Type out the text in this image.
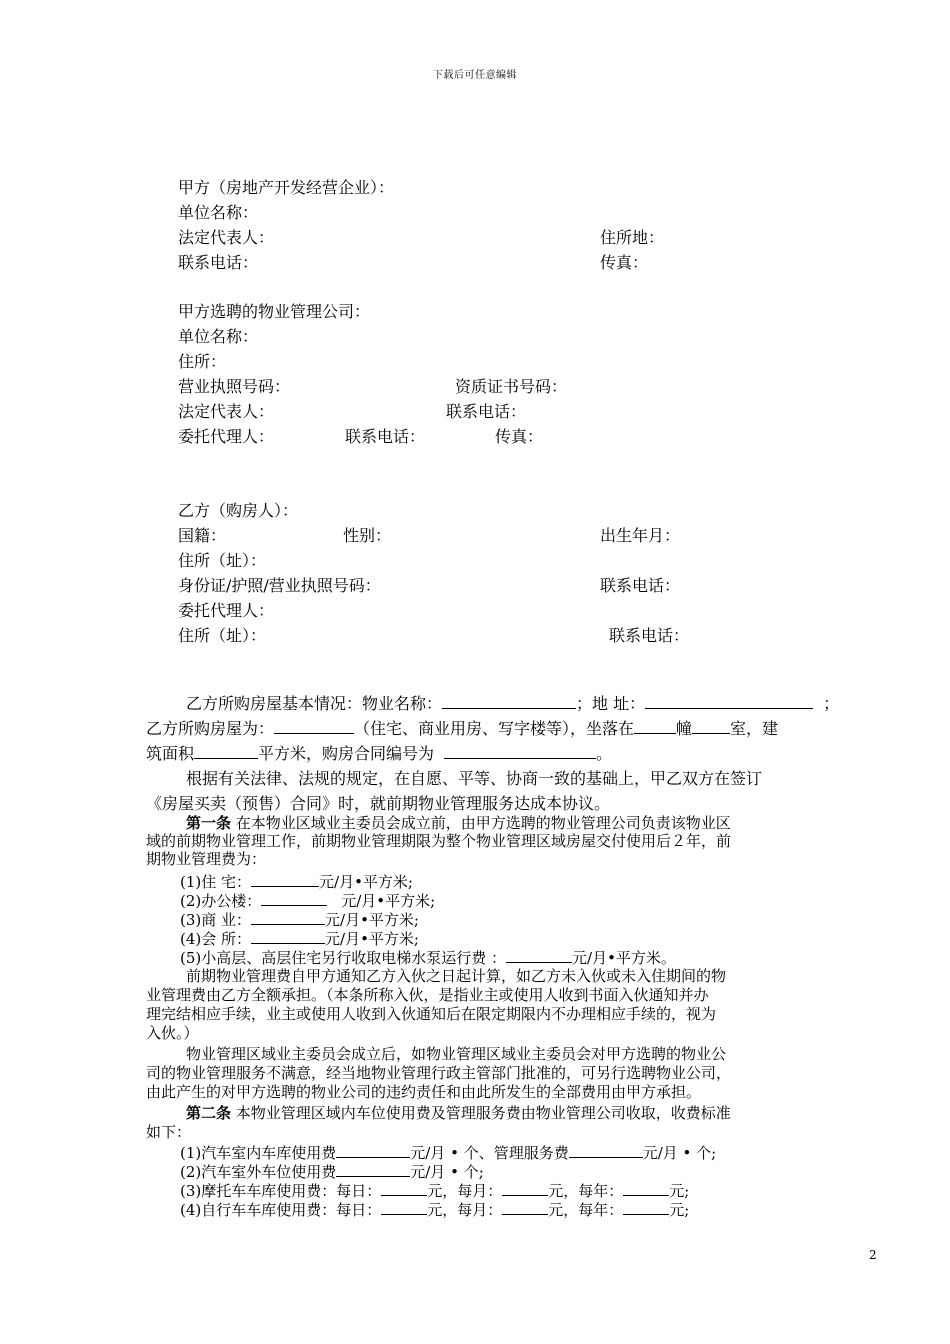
下载后可任意编辑
甲方（房地产开发经营企业）：
单位名称：
法定代表人：	住所地：
联系电话：	传真：
甲方选聘的物业管理公司：
单位名称：
住所：
营业执照号码：	资质证书号码：
法定代表人：	联系电话：
委托代理人：	联系电话：	传真：
乙方（购房人）：
国籍：	性别：	出生年月：
住所（址）：
身份证/护照/营业执照号码：	联系电话：
委托代理人：
住所（址）：	联系电话：
乙方所购房屋基本情况：物业名称：	；地 址：	；
乙方所购房屋为：	（住宅、商业用房、写字楼等），坐落在	幢 室，建
筑面积	平方米，购房合同编号为	。
根据有关法律、法规的规定，在自愿、平等、协商一致的基础上，甲乙双方在签订
《房屋买卖（预售）合同》时，就前期物业管理服务达成本协议。
第一条 在本物业区域业主委员会成立前，由甲方选聘的物业管理公司负责该物业区
域的前期物业管理工作，前期物业管理期限为整个物业管理区域房屋交付使用后２年，前
期物业管理费为：
(1)住 宅：	元/月•平方米;
(2)办公楼：	元/月•平方米;
(3)商 业：	元/月•平方米;
(4)会 所：	元/月•平方米;
(5)小高层、高层住宅另行收取电梯水泵运行费 ：	元/月•平方米。
前期物业管理费自甲方通知乙方入伙之日起计算，如乙方未入伙或未入住期间的物
业管理费由乙方全额承担。（本条所称入伙，是指业主或使用人收到书面入伙通知并办
理完结相应手续，业主或使用人收到入伙通知后在限定期限内不办理相应手续的，视为
入伙。）
物业管理区域业主委员会成立后，如物业管理区域业主委员会对甲方选聘的物业公
司的物业管理服务不满意，经当地物业管理行政主管部门批准的，可另行选聘物业公司，
由此产生的对甲方选聘的物业公司的违约责任和由此所发生的全部费用由甲方承担。
第二条 本物业管理区域内车位使用费及管理服务费由物业管理公司收取，收费标准
如下：
(1)汽车室内车库使用费	元/月 • 个、管理服务费	元/月 • 个;
(2)汽车室外车位使用费	元/月 • 个;
(3)摩托车车库使用费：每日：	元，每月：	元，每年：	元;
(4)自行车车库使用费：每日：	元，每月：	元，每年：	元;
2
